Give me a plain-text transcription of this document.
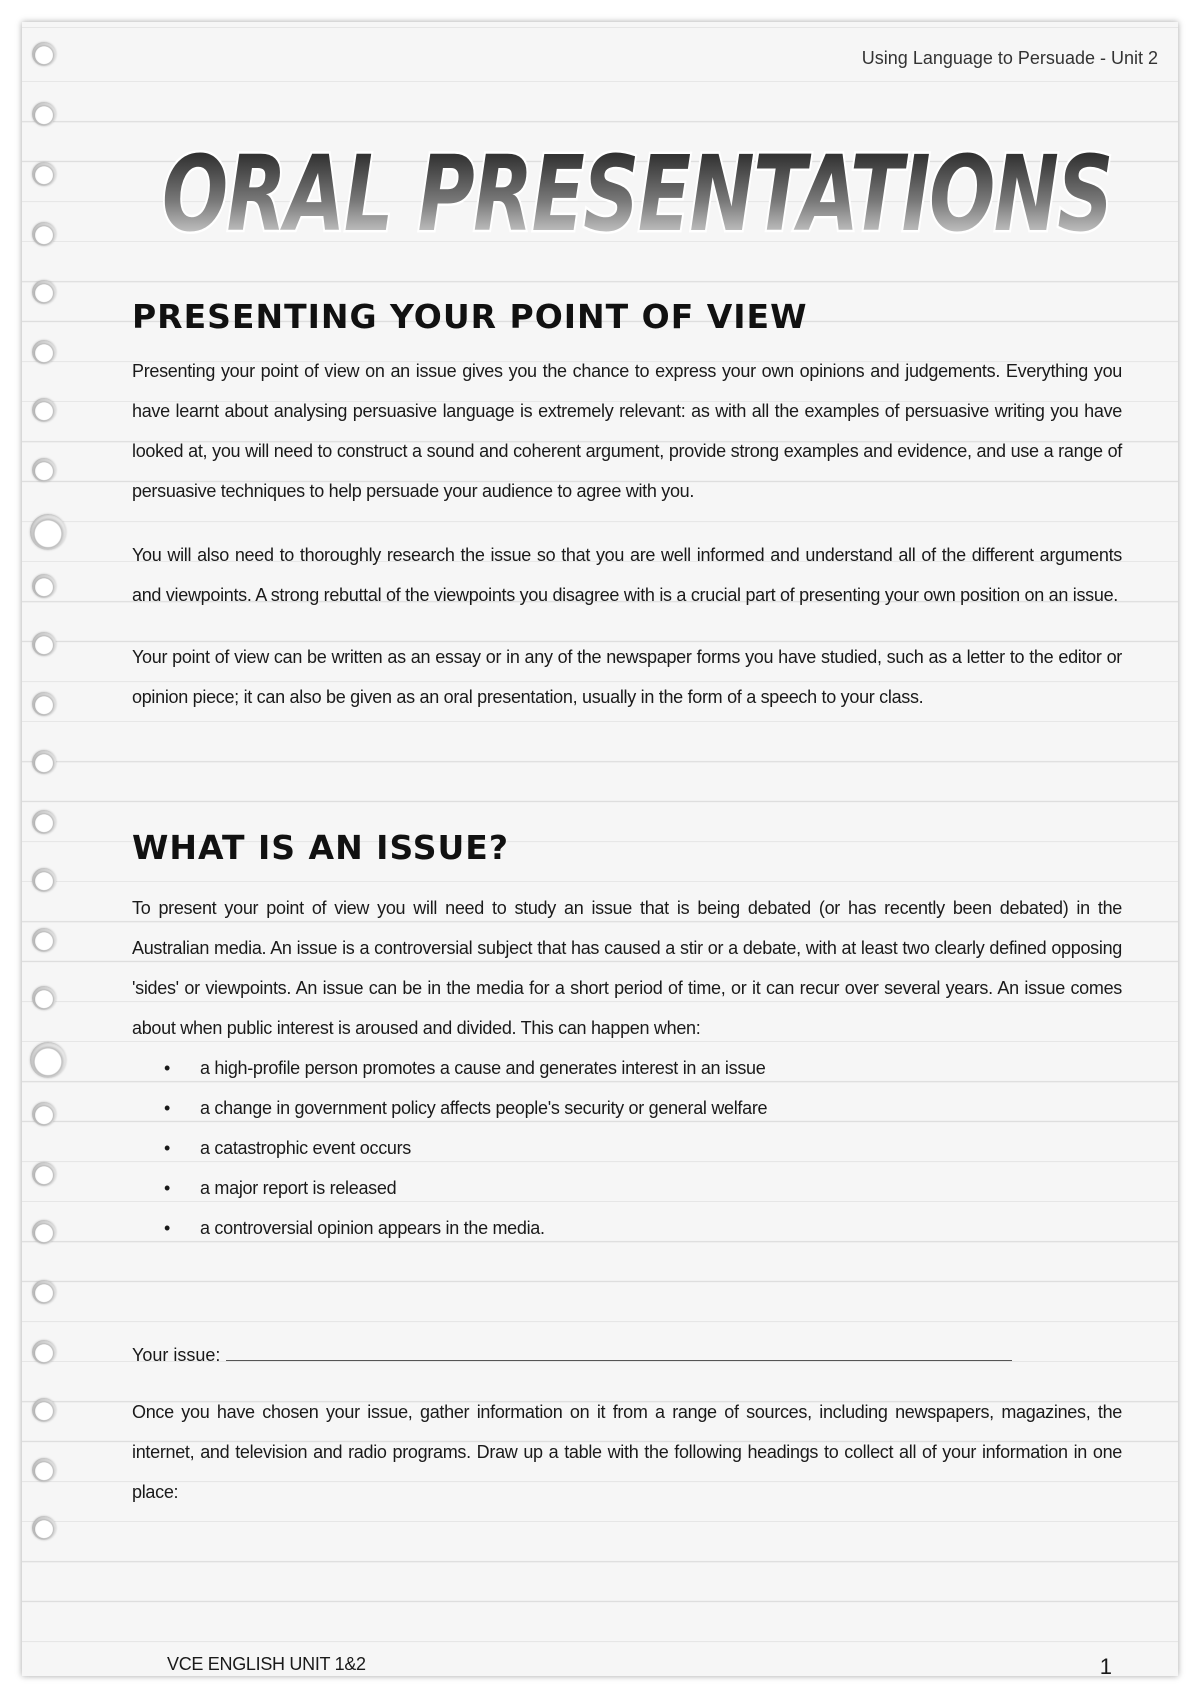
Using Language to Persuade - Unit 2
ORAL PRESENTATIONS
PRESENTING YOUR POINT OF VIEW

Presenting your point of view on an issue gives you the chance to express your own opinions and judgements. Everything you have learnt about analysing persuasive language is extremely relevant: as with all the examples of persuasive writing you have looked at, you will need to construct a sound and coherent argument, provide strong examples and evidence, and use a range of persuasive techniques to help persuade your audience to agree with you.

You will also need to thoroughly research the issue so that you are well informed and understand all of the different arguments and viewpoints. A strong rebuttal of the viewpoints you disagree with is a crucial part of presenting your own position on an issue.

Your point of view can be written as an essay or in any of the newspaper forms you have studied, such as a letter to the editor or opinion piece; it can also be given as an oral presentation, usually in the form of a speech to your class.

WHAT IS AN ISSUE?

To present your point of view you will need to study an issue that is being debated (or has recently been debated) in the Australian media. An issue is a controversial subject that has caused a stir or a debate, with at least two clearly defined opposing 'sides' or viewpoints. An issue can be in the media for a short period of time, or it can recur over several years. An issue comes about when public interest is aroused and divided. This can happen when:

• a high-profile person promotes a cause and generates interest in an issue
• a change in government policy affects people's security or general welfare
• a catastrophic event occurs
• a major report is released
• a controversial opinion appears in the media.
Your issue:

Once you have chosen your issue, gather information on it from a range of sources, including newspapers, magazines, the internet, and television and radio programs. Draw up a table with the following headings to collect all of your information in one place:

VCE ENGLISH UNIT 1&2	1
